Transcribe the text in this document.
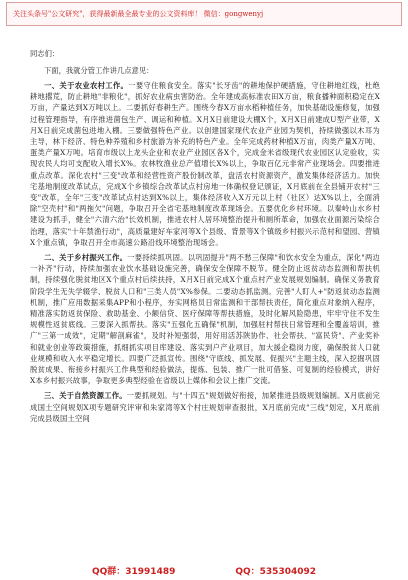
关注头条号"公文研究"，获得最新最全最专业的公文资料库！ 微信：gongwenyj

同志们：

下面，我就分管工作讲几点意见：

一、关于农业农村工作。一要守住粮食安全。落实"长牙齿"的耕地保护硬措施，守住耕地红线，杜绝耕地撂荒，防止耕地"非粮化"，抓好农业病虫害防治。全年建成高标准农田X万亩，粮食播种面积稳定在X万亩，产量达到X万吨以上。二要抓好春耕生产。围绕今春X万亩水稻种植任务，加快基础设施修复，加强过程管理指导，有序推进菌包生产、调运和种植。X月X日前建设大棚X个，X月X日前建成U型产业带，X月X日前完成菌包进地入棚。三要做强特色产业。以创建国家现代农业产业园为契机，持续做强以木耳为主导，林下经济、特色种养殖和乡村旅游为补充的特色产业。全年完成药材种植X万亩，肉类产量X万吨、蛋类产量X万吨。培育市级以上龙头企业和农业产业园区各X个，完成金米省级现代农业园区认定验收，实现农民人均可支配收入增长X%。农林牧渔业总产值增长X%以上，争取百亿元非常产业现场会。四要推进重点改革。深化农村"三变"改革和经营性资产股份制改革，盘活农村资源资产，激发集体经济活力。加快宅基地制度改革试点，完成X个乡镇综合改革试点村房地一体确权登记颁证，X月底前在全县铺开农村"三变"改革，全年"三变"改革试点村达到X%以上，集体经济收入X万元以上村（社区）达X%以上，全面消除"空壳村"和"两拖欠"问题，争取召开全省宅基地制度改革现场会。五要优化乡村环境。以秦岭山水乡村建设为抓手，健全"六清六治"长效机制，推进农村人居环境整治提升和厕所革命，加强农业面源污染综合治理，落实"十年禁渔行动"，高质量建好车家河等X个县级、背景等X个镇级乡村振兴示范村和望园、营镇X个重点镇，争取召开全市高速公路沿线环境整治现场会。

二、关于乡村振兴工作。一要持续抓巩固。以巩固提升"两不愁三保障"和饮水安全为重点，深化"两边一补齐"行动，持续加强农业饮水基础设施完善，确保安全保障不脱节。健全防止返贫动态监测和帮扶机制，持续强化脱贫地区X个重点村后续扶持，X月X日前完成X个重点村产业发展规划编制。确保义务教育阶段学生无失学辍学、脱贫人口和"三类人员"X%参保。二要动态抓监测。完善"人盯人+"防返贫动态监测机制，推广应用数据采集APP和小程序，夯实网格员日常监测和干部帮扶责任，简化重点对象纳入程序，精准落实防返贫保险、救助基金、小额信贷、医疗保障等帮扶措施，及时化解风险隐患，牢牢守住不发生规模性返贫底线。三要深入抓帮扶。落实"五强化五确保"机制，加强驻村帮扶日常管理和全覆盖培训，推广"三第一成效"，定期"解剖麻雀"，及时补短强弱，用好用活苏陕协作、社会帮扶、"富民贷"、产业奖补和就业创业等政策措施，抓细抓实项目库建设、落实到户产业项目，加大援企稳岗力度，确保脱贫人口就业规模和收入水平稳定增长。四要广泛抓宣传。围绕"守底线、抓发展、促振兴"主题主线，深入挖掘巩固脱贫成果、衔接乡村振兴工作典型和经验做法，提炼、包装、推广一批可借鉴、可复制的经验模式，讲好X本乡村振兴故事，争取更多典型经验在省级以上媒体和会议上推广交流。

三、关于自然资源工作。一要抓规划。与"十四五"规划做好衔接，加紧推进县级规划编制。X月底前完成国土空间规划X项专题研究评审和朱家湾等X个村庄规划审查报批，X月底前完成"三线"划定，X月底前完成县级国土空间

QQ群：31991489	QQ：535304092
